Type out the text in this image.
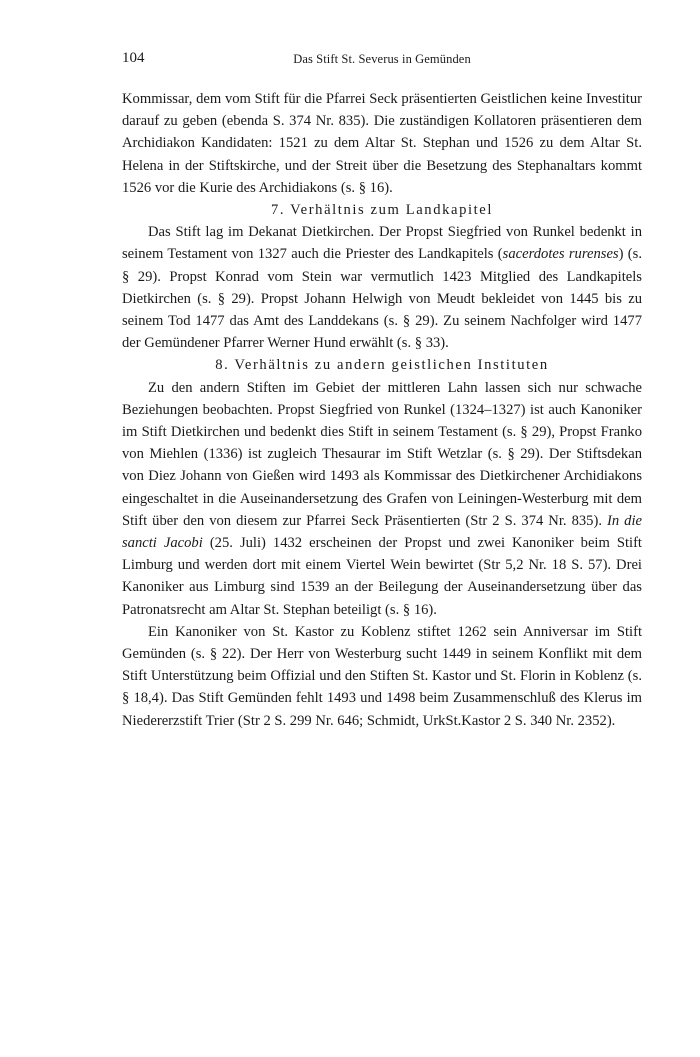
104	Das Stift St. Severus in Gemünden

Kommissar, dem vom Stift für die Pfarrei Seck präsentierten Geistlichen keine Investitur darauf zu geben (ebenda S. 374 Nr. 835). Die zuständigen Kollatoren präsentieren dem Archidiakon Kandidaten: 1521 zu dem Altar St. Stephan und 1526 zu dem Altar St. Helena in der Stiftskirche, und der Streit über die Besetzung des Stephanaltars kommt 1526 vor die Kurie des Archidiakons (s. § 16).

7. Verhältnis zum Landkapitel

Das Stift lag im Dekanat Dietkirchen. Der Propst Siegfried von Runkel bedenkt in seinem Testament von 1327 auch die Priester des Landkapitels (sacerdotes rurenses) (s. § 29). Propst Konrad vom Stein war vermutlich 1423 Mitglied des Landkapitels Dietkirchen (s. § 29). Propst Johann Helwigh von Meudt bekleidet von 1445 bis zu seinem Tod 1477 das Amt des Landdekans (s. § 29). Zu seinem Nachfolger wird 1477 der Gemündener Pfarrer Werner Hund erwählt (s. § 33).

8. Verhältnis zu andern geistlichen Instituten

Zu den andern Stiften im Gebiet der mittleren Lahn lassen sich nur schwache Beziehungen beobachten. Propst Siegfried von Runkel (1324–1327) ist auch Kanoniker im Stift Dietkirchen und bedenkt dies Stift in seinem Testament (s. § 29), Propst Franko von Miehlen (1336) ist zugleich Thesaurar im Stift Wetzlar (s. § 29). Der Stiftsdekan von Diez Johann von Gießen wird 1493 als Kommissar des Dietkirchener Archidiakons eingeschaltet in die Auseinandersetzung des Grafen von Leiningen-Westerburg mit dem Stift über den von diesem zur Pfarrei Seck Präsentierten (Str 2 S. 374 Nr. 835). In die sancti Jacobi (25. Juli) 1432 erscheinen der Propst und zwei Kanoniker beim Stift Limburg und werden dort mit einem Viertel Wein bewirtet (Str 5,2 Nr. 18 S. 57). Drei Kanoniker aus Limburg sind 1539 an der Beilegung der Auseinandersetzung über das Patronatsrecht am Altar St. Stephan beteiligt (s. § 16).

Ein Kanoniker von St. Kastor zu Koblenz stiftet 1262 sein Anniversar im Stift Gemünden (s. § 22). Der Herr von Westerburg sucht 1449 in seinem Konflikt mit dem Stift Unterstützung beim Offizial und den Stiften St. Kastor und St. Florin in Koblenz (s. § 18,4). Das Stift Gemünden fehlt 1493 und 1498 beim Zusammenschluß des Klerus im Niedererzstift Trier (Str 2 S. 299 Nr. 646; Schmidt, UrkSt.Kastor 2 S. 340 Nr. 2352).
